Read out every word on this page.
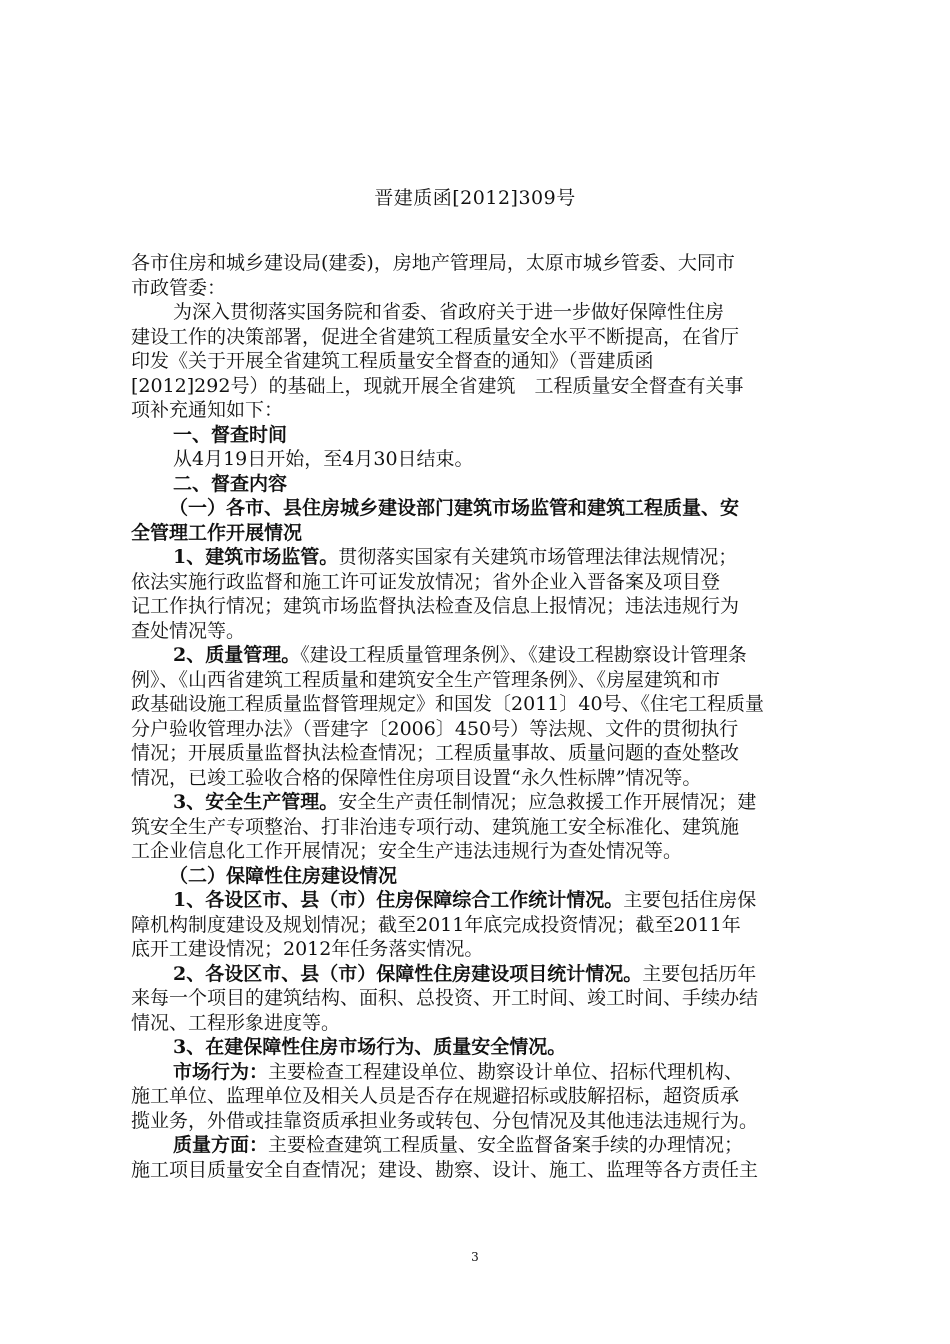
晋建质函[2012]309号
各市住房和城乡建设局(建委)，房地产管理局，太原市城乡管委、大同市
市政管委：
为深入贯彻落实国务院和省委、省政府关于进一步做好保障性住房
建设工作的决策部署，促进全省建筑工程质量安全水平不断提高，在省厅
印发《关于开展全省建筑工程质量安全督查的通知》（晋建质函
[2012]292号）的基础上，现就开展全省建筑　工程质量安全督查有关事
项补充通知如下：
一、督查时间
从4月19日开始，至4月30日结束。
二、督查内容
（一）各市、县住房城乡建设部门建筑市场监管和建筑工程质量、安
全管理工作开展情况
1、建筑市场监管。贯彻落实国家有关建筑市场管理法律法规情况；
依法实施行政监督和施工许可证发放情况；省外企业入晋备案及项目登
记工作执行情况；建筑市场监督执法检查及信息上报情况；违法违规行为
查处情况等。
2、质量管理。《建设工程质量管理条例》、《建设工程勘察设计管理条
例》、《山西省建筑工程质量和建筑安全生产管理条例》、《房屋建筑和市
政基础设施工程质量监督管理规定》和国发〔2011〕40号、《住宅工程质量
分户验收管理办法》（晋建字〔2006〕450号）等法规、文件的贯彻执行
情况；开展质量监督执法检查情况；工程质量事故、质量问题的查处整改
情况，已竣工验收合格的保障性住房项目设置“永久性标牌”情况等。
3、安全生产管理。安全生产责任制情况；应急救援工作开展情况；建
筑安全生产专项整治、打非治违专项行动、建筑施工安全标准化、建筑施
工企业信息化工作开展情况；安全生产违法违规行为查处情况等。
（二）保障性住房建设情况
1、各设区市、县（市）住房保障综合工作统计情况。主要包括住房保
障机构制度建设及规划情况；截至2011年底完成投资情况；截至2011年
底开工建设情况；2012年任务落实情况。
2、各设区市、县（市）保障性住房建设项目统计情况。主要包括历年
来每一个项目的建筑结构、面积、总投资、开工时间、竣工时间、手续办结
情况、工程形象进度等。
3、在建保障性住房市场行为、质量安全情况。
市场行为：主要检查工程建设单位、勘察设计单位、招标代理机构、
施工单位、监理单位及相关人员是否存在规避招标或肢解招标，超资质承
揽业务，外借或挂靠资质承担业务或转包、分包情况及其他违法违规行为。
质量方面：主要检查建筑工程质量、安全监督备案手续的办理情况；
施工项目质量安全自查情况；建设、勘察、设计、施工、监理等各方责任主
3
